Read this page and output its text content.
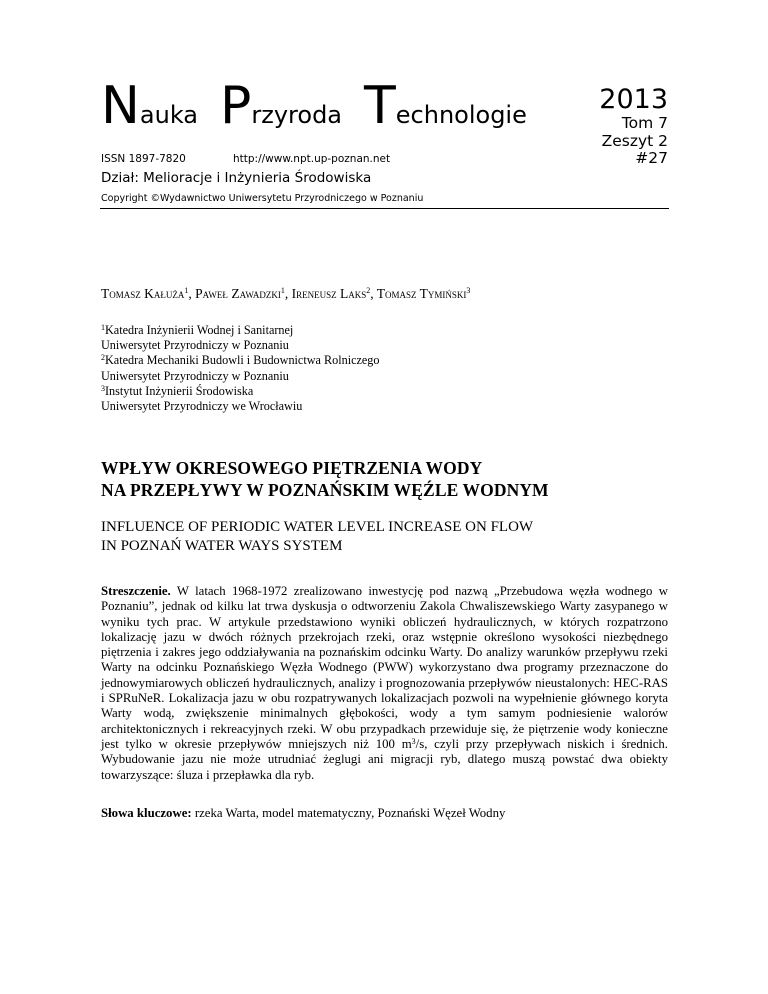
Nauka Przyroda Technologie
ISSN 1897-7820	http://www.npt.up-poznan.net
Dział: Melioracje i Inżynieria Środowiska
Copyright ©Wydawnictwo Uniwersytetu Przyrodniczego w Poznaniu
2013
Tom 7
Zeszyt 2
#27
Tomasz Kałuża$^1$, Paweł Zawadzki$^1$, Ireneusz Laks$^2$, Tomasz Tymiński$^3$
$^1$Katedra Inżynierii Wodnej i Sanitarnej
Uniwersytet Przyrodniczy w Poznaniu
$^2$Katedra Mechaniki Budowli i Budownictwa Rolniczego
Uniwersytet Przyrodniczy w Poznaniu
$^3$Instytut Inżynierii Środowiska
Uniwersytet Przyrodniczy we Wrocławiu
WPŁYW OKRESOWEGO PIĘTRZENIA WODY
NA PRZEPŁYWY W POZNAŃSKIM WĘŹLE WODNYM
INFLUENCE OF PERIODIC WATER LEVEL INCREASE ON FLOW
IN POZNAŃ WATER WAYS SYSTEM
Streszczenie. W latach 1968-1972 zrealizowano inwestycję pod nazwą „Przebudowa węzła wodnego w Poznaniu”, jednak od kilku lat trwa dyskusja o odtworzeniu Zakola Chwaliszewskiego Warty zasypanego w wyniku tych prac. W artykule przedstawiono wyniki obliczeń hydraulicznych, w których rozpatrzono lokalizację jazu w dwóch różnych przekrojach rzeki, oraz wstępnie określono wysokości niezbędnego piętrzenia i zakres jego oddziaływania na poznańskim odcinku Warty. Do analizy warunków przepływu rzeki Warty na odcinku Poznańskiego Węzła Wodnego (PWW) wykorzystano dwa programy przeznaczone do jednowymiarowych obliczeń hydraulicznych, analizy i prognozowania przepływów nieustalonych: HEC-RAS i SPRuNeR. Lokalizacja jazu w obu rozpatrywanych lokalizacjach pozwoli na wypełnienie głównego koryta Warty wodą, zwiększenie minimalnych głębokości, wody a tym samym podniesienie walorów architektonicznych i rekreacyjnych rzeki. W obu przypadkach przewiduje się, że piętrzenie wody konieczne jest tylko w okresie przepływów mniejszych niż 100 $m^3/s$, czyli przy przepływach niskich i średnich. Wybudowanie jazu nie może utrudniać żeglugi ani migracji ryb, dlatego muszą powstać dwa obiekty towarzyszące: śluza i przepławka dla ryb.
Słowa kluczowe: rzeka Warta, model matematyczny, Poznański Węzeł Wodny
